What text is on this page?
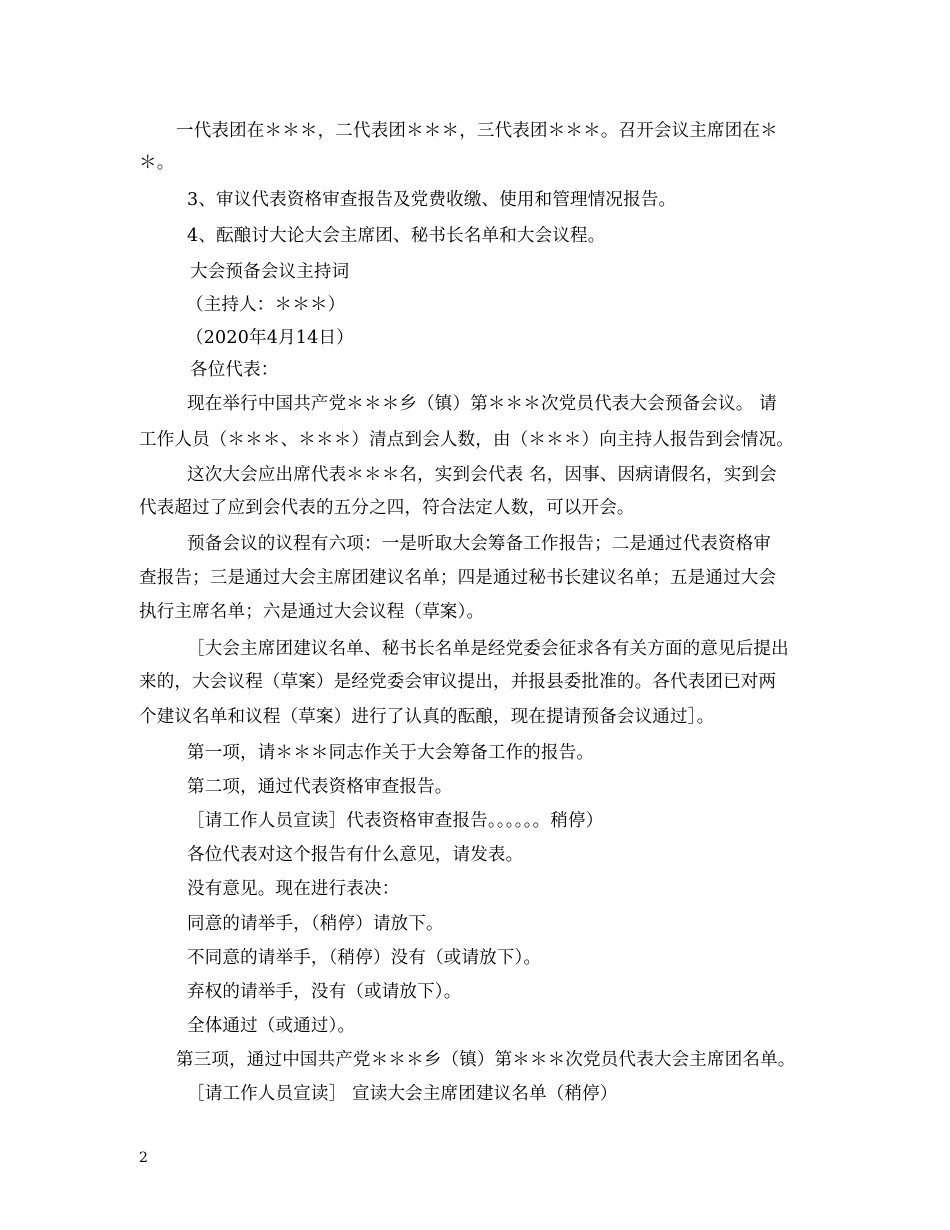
一代表团在＊＊＊，二代表团＊＊＊，三代表团＊＊＊。召开会议主席团在＊

＊。

3、审议代表资格审查报告及党费收缴、使用和管理情况报告。

4、酝酿讨大论大会主席团、秘书长名单和大会议程。

大会预备会议主持词

（主持人：＊＊＊）

（2020年4月14日）

各位代表：

现在举行中国共产党＊＊＊乡（镇）第＊＊＊次党员代表大会预备会议。 请

工作人员（＊＊＊、＊＊＊）清点到会人数，由（＊＊＊）向主持人报告到会情况。

这次大会应出席代表＊＊＊名，实到会代表 名，因事、因病请假名，实到会

代表超过了应到会代表的五分之四，符合法定人数，可以开会。

预备会议的议程有六项：一是听取大会筹备工作报告；二是通过代表资格审

查报告；三是通过大会主席团建议名单；四是通过秘书长建议名单；五是通过大会

执行主席名单；六是通过大会议程（草案）。

［大会主席团建议名单、秘书长名单是经党委会征求各有关方面的意见后提出

来的，大会议程（草案）是经党委会审议提出，并报县委批准的。各代表团已对两

个建议名单和议程（草案）进行了认真的酝酿，现在提请预备会议通过］。

第一项，请＊＊＊同志作关于大会筹备工作的报告。

第二项，通过代表资格审查报告。

［请工作人员宣读］代表资格审查报告。。。。。。稍停）

各位代表对这个报告有什么意见，请发表。

没有意见。现在进行表决：

同意的请举手，（稍停）请放下。

不同意的请举手，（稍停）没有（或请放下）。

弃权的请举手，没有（或请放下）。

全体通过（或通过）。

第三项，通过中国共产党＊＊＊乡（镇）第＊＊＊次党员代表大会主席团名单。

［请工作人员宣读］ 宣读大会主席团建议名单（稍停）

2
